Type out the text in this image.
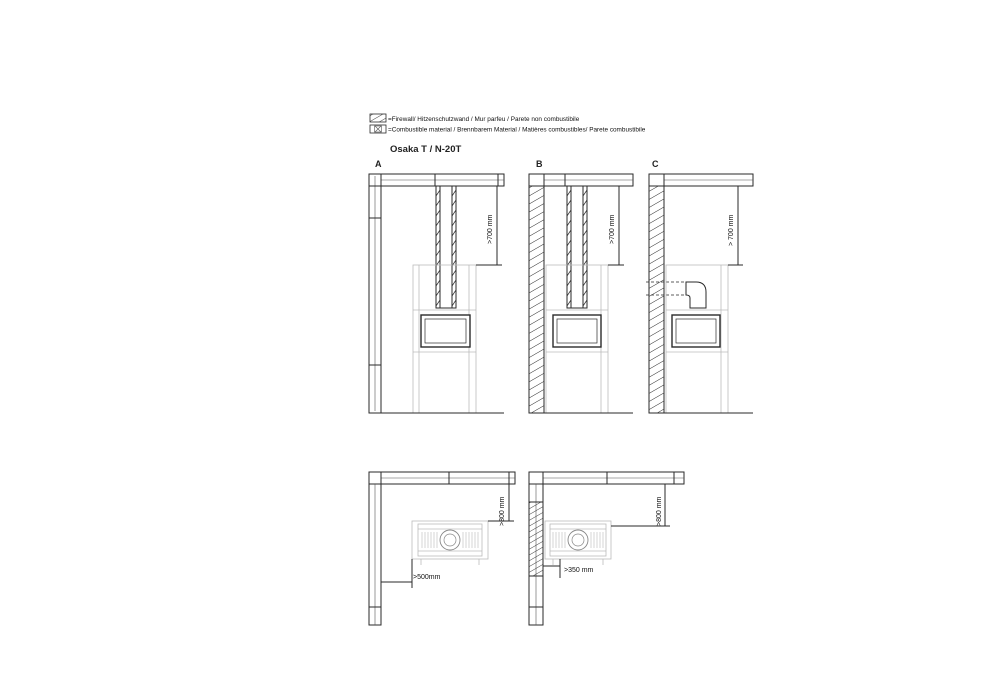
=Firewall/ Hitzenschutzwand / Mur parfeu / Parete non combustibile
=Combustible material / Brennbarem Material / Matières combustibles/ Parete combustibile
Osaka T / N-20T
A
>700 mm
B
>700 mm
C
> 700 mm
>800 mm
>500mm
>800 mm
>350 mm
